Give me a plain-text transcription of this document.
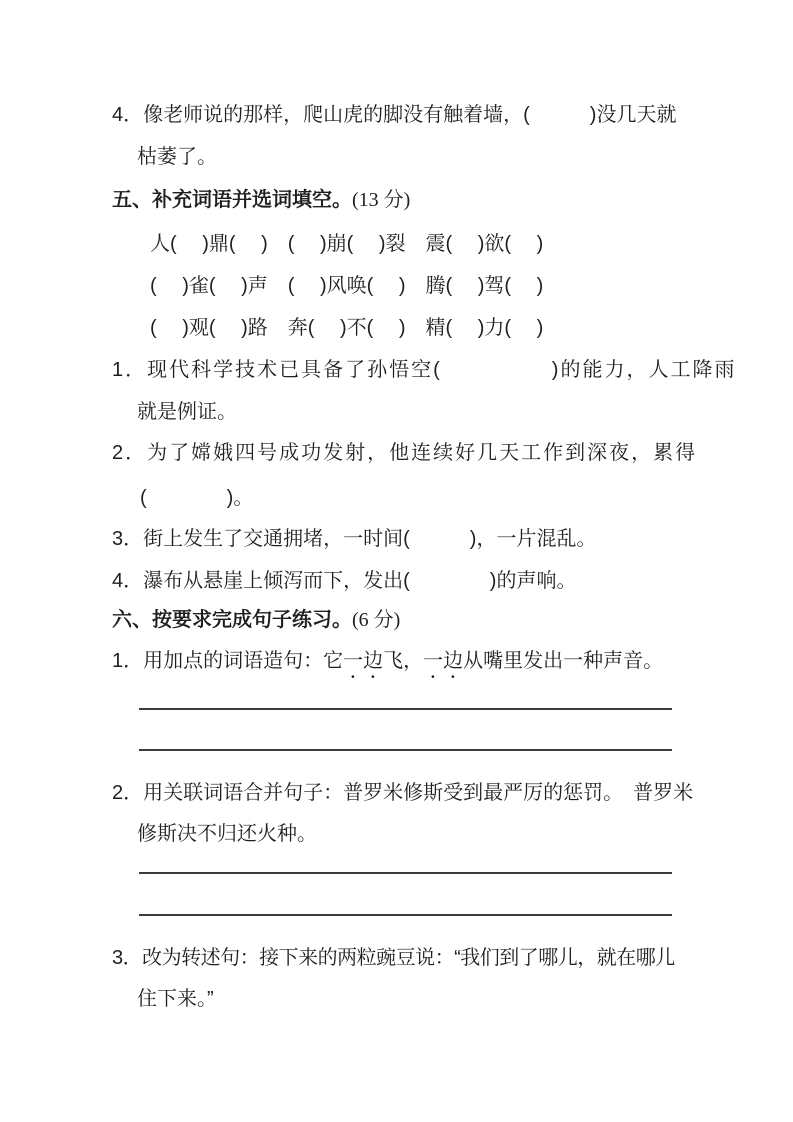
4．像老师说的那样，爬山虎的脚没有触着墙，(　　　)没几天就
枯萎了。
五、补充词语并选词填空。(13 分)
人(　 )鼎(　 )　(　 )崩(　 )裂　震(　 )欲(　 )
(　 )雀(　 )声　(　 )风唤(　 )　腾(　 )驾(　 )
(　 )观(　 )路　奔(　 )不(　 )　精(　 )力(　 )
1．现代科学技术已具备了孙悟空(　　　　　)的能力，人工降雨
就是例证。
2．为了嫦娥四号成功发射，他连续好几天工作到深夜，累得
(　　　　)。
3．街上发生了交通拥堵，一时间(　　　)，一片混乱。
4．瀑布从悬崖上倾泻而下，发出(　　　　)的声响。
六、按要求完成句子练习。(6 分)
1．用加点的词语造句：它一边飞，一边从嘴里发出一种声音。
2．用关联词语合并句子：普罗米修斯受到最严厉的惩罚。　普罗米
修斯决不归还火种。
3．改为转述句：接下来的两粒豌豆说：“我们到了哪儿，就在哪儿
住下来。”
